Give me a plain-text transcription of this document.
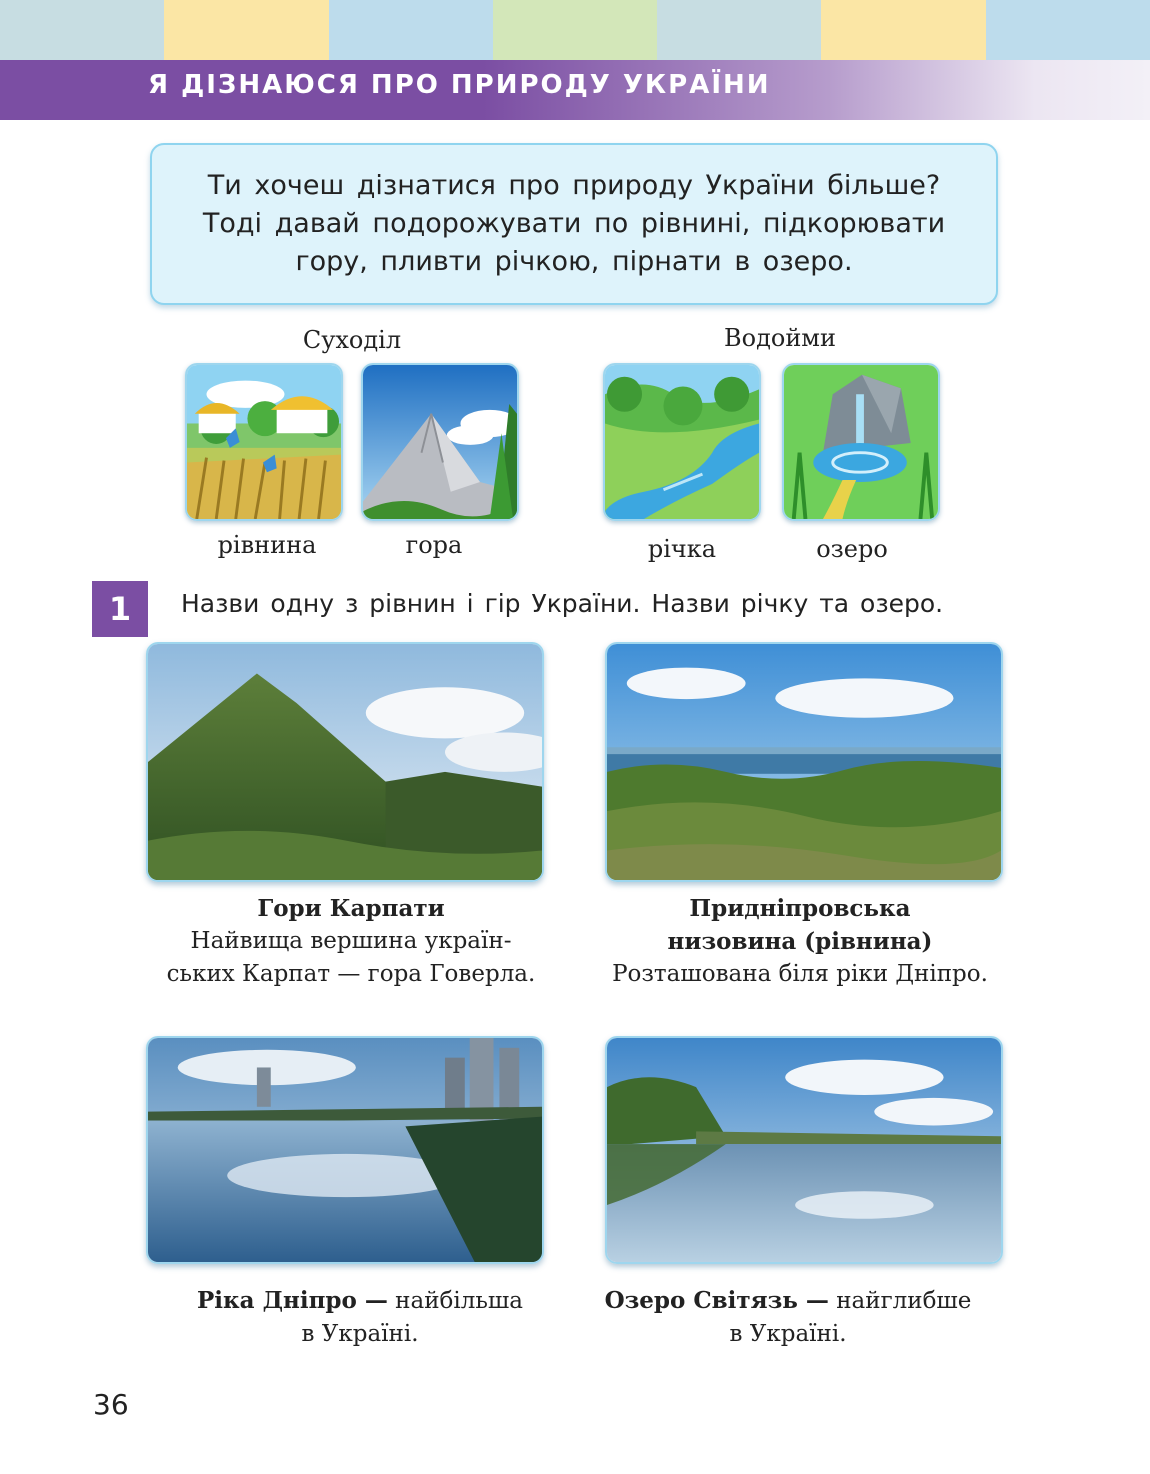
Я ДІЗНАЮСЯ ПРО ПРИРОДУ УКРАЇНИ

Ти хочеш дізнатися про природу України більше? Тоді давай подорожувати по рівнині, підкорювати гору, пливти річкою, пірнати в озеро.

Суходіл	Водойми
рівнина	гора	річка	озеро
1	Назви одну з рівнин і гір України. Назви річку та озеро.
Гори Карпати
Найвища вершина україн-
ських Карпат — гора Говерла.
Придніпровська
низовина (рівнина)
Розташована біля ріки Дніпро.
Ріка Дніпро — найбільша
в Україні.
Озеро Світязь — найглибше
в Україні.
36
